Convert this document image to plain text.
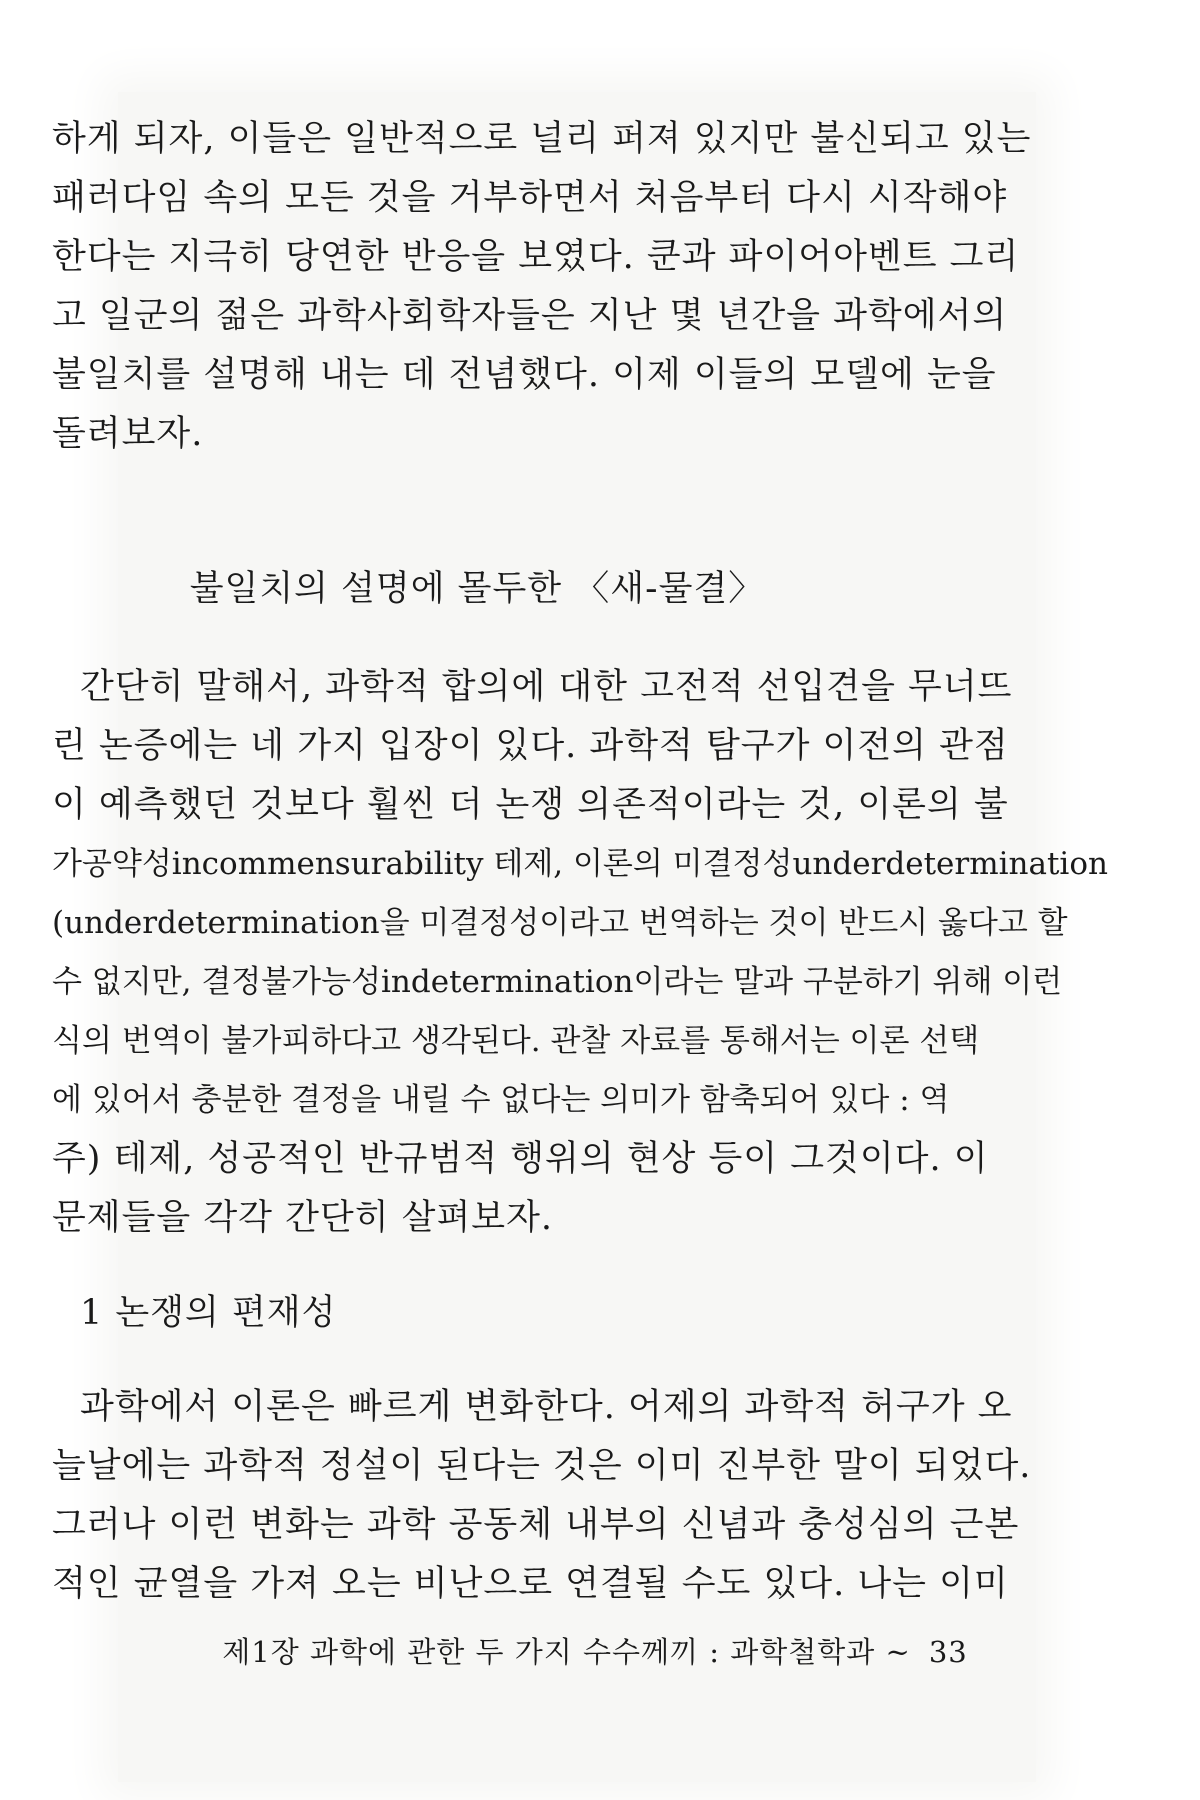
하게 되자, 이들은 일반적으로 널리 퍼져 있지만 불신되고 있는
패러다임 속의 모든 것을 거부하면서 처음부터 다시 시작해야
한다는 지극히 당연한 반응을 보였다. 쿤과 파이어아벤트 그리
고 일군의 젊은 과학사회학자들은 지난 몇 년간을 과학에서의
불일치를 설명해 내는 데 전념했다. 이제 이들의 모델에 눈을
돌려보자.
불일치의 설명에 몰두한 〈새-물결〉
간단히 말해서, 과학적 합의에 대한 고전적 선입견을 무너뜨
린 논증에는 네 가지 입장이 있다. 과학적 탐구가 이전의 관점
이 예측했던 것보다 훨씬 더 논쟁 의존적이라는 것, 이론의 불
가공약성incommensurability 테제, 이론의 미결정성underdetermination
(underdetermination을 미결정성이라고 번역하는 것이 반드시 옳다고 할
수 없지만, 결정불가능성indetermination이라는 말과 구분하기 위해 이런
식의 번역이 불가피하다고 생각된다. 관찰 자료를 통해서는 이론 선택
에 있어서 충분한 결정을 내릴 수 없다는 의미가 함축되어 있다 : 역
주) 테제, 성공적인 반규범적 행위의 현상 등이 그것이다. 이
문제들을 각각 간단히 살펴보자.
1 논쟁의 편재성
과학에서 이론은 빠르게 변화한다. 어제의 과학적 허구가 오
늘날에는 과학적 정설이 된다는 것은 이미 진부한 말이 되었다.
그러나 이런 변화는 과학 공동체 내부의 신념과 충성심의 근본
적인 균열을 가져 오는 비난으로 연결될 수도 있다. 나는 이미
제1장 과학에 관한 두 가지 수수께끼 : 과학철학과 ~ 33
